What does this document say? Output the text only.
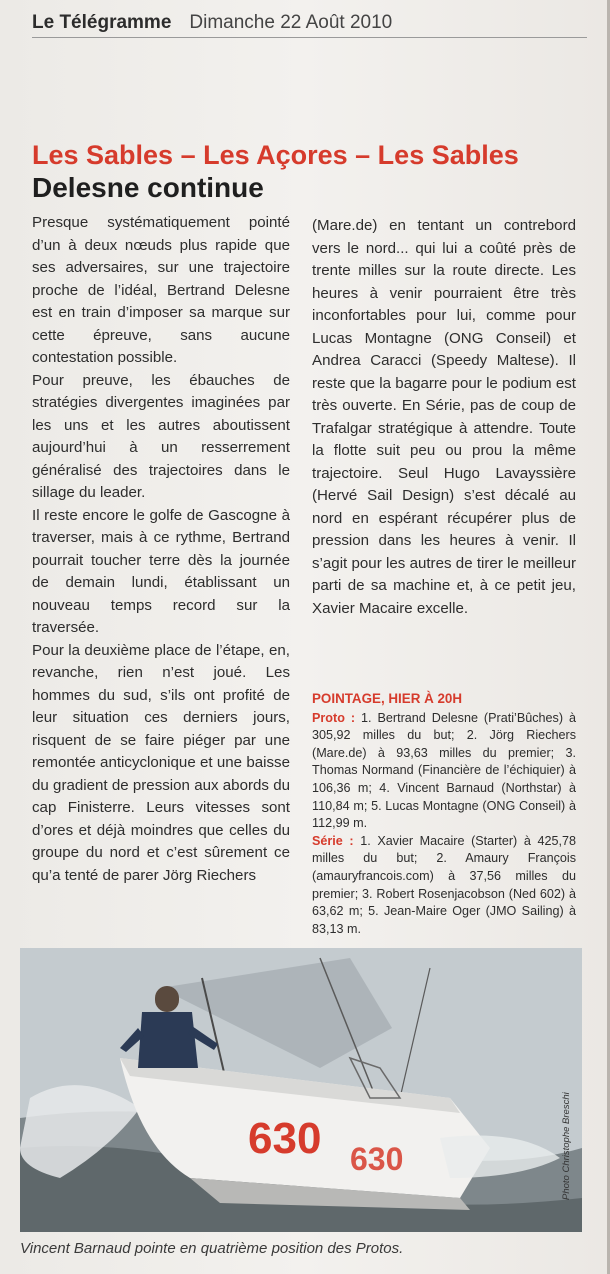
Le Télégramme Dimanche 22 Août 2010
Les Sables – Les Açores – Les Sables
Delesne continue

Presque systématiquement pointé d’un à deux nœuds plus rapide que ses adversaires, sur une trajectoire proche de l’idéal, Bertrand Delesne est en train d’imposer sa marque sur cette épreuve, sans aucune contestation possible.

Pour preuve, les ébauches de stratégies divergentes imaginées par les uns et les autres aboutissent aujourd’hui à un resserrement généralisé des trajectoires dans le sillage du leader.

Il reste encore le golfe de Gascogne à traverser, mais à ce rythme, Bertrand pourrait toucher terre dès la journée de demain lundi, établissant un nouveau temps record sur la traversée.

Pour la deuxième place de l’étape, en, revanche, rien n’est joué. Les hommes du sud, s’ils ont profité de leur situation ces derniers jours, risquent de se faire piéger par une remontée anticyclonique et une baisse du gradient de pression aux abords du cap Finisterre. Leurs vitesses sont d’ores et déjà moindres que celles du groupe du nord et c’est sûrement ce qu’a tenté de parer Jörg Riechers

(Mare.de) en tentant un contrebord vers le nord... qui lui a coûté près de trente milles sur la route directe. Les heures à venir pourraient être très inconfortables pour lui, comme pour Lucas Montagne (ONG Conseil) et Andrea Caracci (Speedy Maltese). Il reste que la bagarre pour le podium est très ouverte. En Série, pas de coup de Trafalgar stratégique à attendre. Toute la flotte suit peu ou prou la même trajectoire. Seul Hugo Lavayssière (Hervé Sail Design) s’est décalé au nord en espérant récupérer plus de pression dans les heures à venir. Il s’agit pour les autres de tirer le meilleur parti de sa machine et, à ce petit jeu, Xavier Macaire excelle.

POINTAGE, HIER À 20H

Proto : 1. Bertrand Delesne (Prati’Bûches) à 305,92 milles du but; 2. Jörg Riechers (Mare.de) à 93,63 milles du premier; 3. Thomas Normand (Financière de l’échiquier) à 106,36 m; 4. Vincent Barnaud (Northstar) à 110,84 m; 5. Lucas Montagne (ONG Conseil) à 112,99 m.

Série : 1. Xavier Macaire (Starter) à 425,78 milles du but; 2. Amaury François (amauryfrancois.com) à 37,56 milles du premier; 3. Robert Rosenjacobson (Ned 602) à 63,62 m; 5. Jean-Maire Oger (JMO Sailing) à 83,13 m.

630 630	Photo Christophe Breschi
Vincent Barnaud pointe en quatrième position des Protos.
